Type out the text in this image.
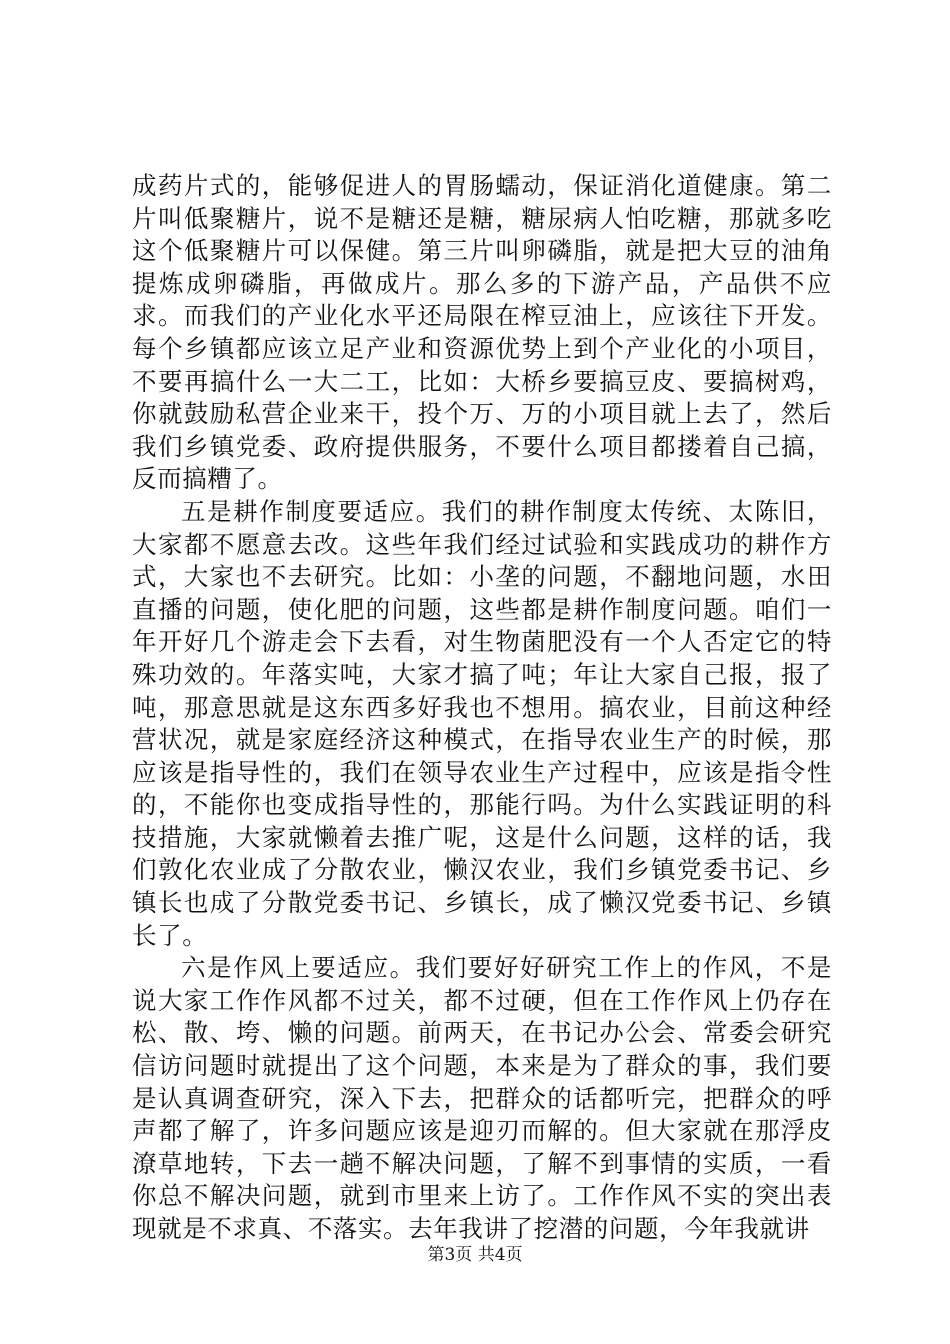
成药片式的，能够促进人的胃肠蠕动，保证消化道健康。第二片叫低聚糖片，说不是糖还是糖，糖尿病人怕吃糖，那就多吃这个低聚糖片可以保健。第三片叫卵磷脂，就是把大豆的油角提炼成卵磷脂，再做成片。那么多的下游产品，产品供不应求。而我们的产业化水平还局限在榨豆油上，应该往下开发。每个乡镇都应该立足产业和资源优势上到个产业化的小项目，不要再搞什么一大二工，比如：大桥乡要搞豆皮、要搞树鸡，你就鼓励私营企业来干，投个万、万的小项目就上去了，然后我们乡镇党委、政府提供服务，不要什么项目都搂着自己搞，反而搞糟了。

五是耕作制度要适应。我们的耕作制度太传统、太陈旧，大家都不愿意去改。这些年我们经过试验和实践成功的耕作方式，大家也不去研究。比如：小垄的问题，不翻地问题，水田直播的问题，使化肥的问题，这些都是耕作制度问题。咱们一年开好几个游走会下去看，对生物菌肥没有一个人否定它的特殊功效的。年落实吨，大家才搞了吨；年让大家自己报，报了吨，那意思就是这东西多好我也不想用。搞农业，目前这种经营状况，就是家庭经济这种模式，在指导农业生产的时候，那应该是指导性的，我们在领导农业生产过程中，应该是指令性的，不能你也变成指导性的，那能行吗。为什么实践证明的科技措施，大家就懒着去推广呢，这是什么问题，这样的话，我们敦化农业成了分散农业，懒汉农业，我们乡镇党委书记、乡镇长也成了分散党委书记、乡镇长，成了懒汉党委书记、乡镇长了。

六是作风上要适应。我们要好好研究工作上的作风，不是说大家工作作风都不过关，都不过硬，但在工作作风上仍存在松、散、垮、懒的问题。前两天，在书记办公会、常委会研究信访问题时就提出了这个问题，本来是为了群众的事，我们要是认真调查研究，深入下去，把群众的话都听完，把群众的呼声都了解了，许多问题应该是迎刃而解的。但大家就在那浮皮潦草地转，下去一趟不解决问题，了解不到事情的实质，一看你总不解决问题，就到市里来上访了。工作作风不实的突出表现就是不求真、不落实。去年我讲了挖潜的问题，今年我就讲

第3页 共4页
